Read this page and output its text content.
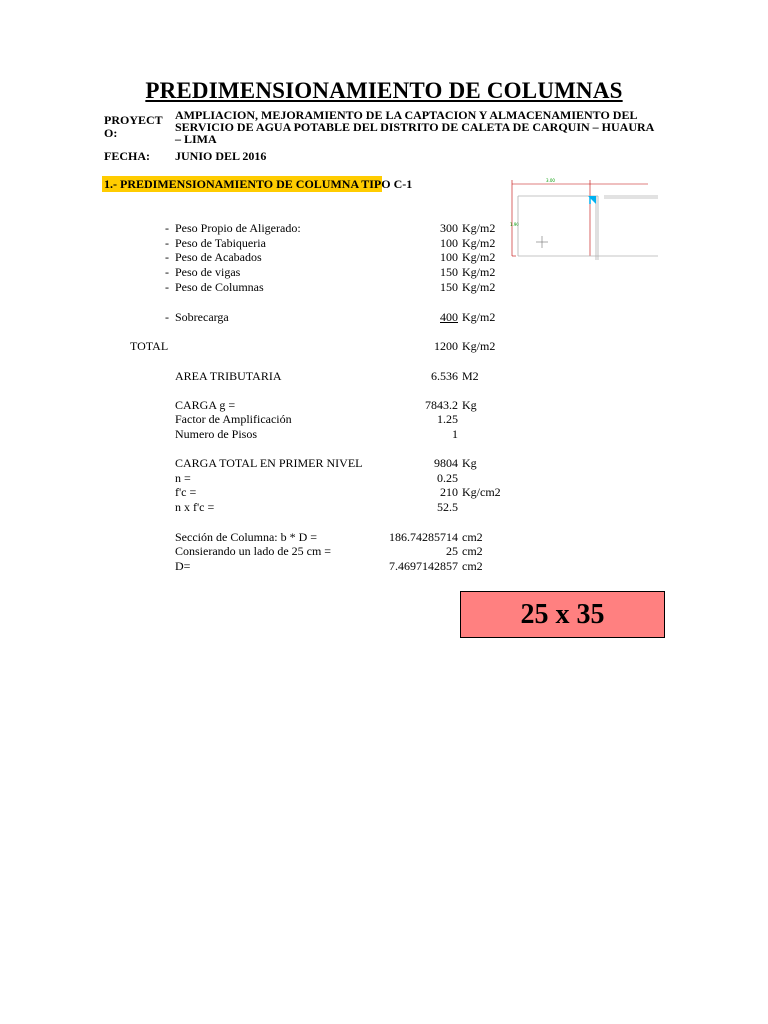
PREDIMENSIONAMIENTO DE COLUMNAS
PROYECT
O:
AMPLIACION, MEJORAMIENTO DE LA CAPTACION Y ALMACENAMIENTO DEL SERVICIO DE AGUA POTABLE DEL DISTRITO DE CALETA DE CARQUIN – HUAURA – LIMA
FECHA: JUNIO DEL 2016
1.- PREDIMENSIONAMIENTO DE COLUMNA TIPO C-1	3.00
1.90
- Peso Propio de Aligerado:	300 Kg/m2
- Peso de Tabiqueria	100 Kg/m2
- Peso de Acabados	100 Kg/m2
- Peso de vigas	150 Kg/m2
- Peso de Columnas	150 Kg/m2
- Sobrecarga	400 Kg/m2
TOTAL	1200 Kg/m2
AREA TRIBUTARIA	6.536 M2
CARGA g =	7843.2 Kg
Factor de Amplificación	1.25
Numero de Pisos	1
CARGA TOTAL EN PRIMER NIVEL	9804 Kg
n =	0.25
f'c =	210 Kg/cm2
n x f'c =	52.5
Sección de Columna: b * D =	186.74285714 cm2
Consierando un lado de 25 cm =	25 cm2
D=	7.4697142857 cm2
25 x 35
